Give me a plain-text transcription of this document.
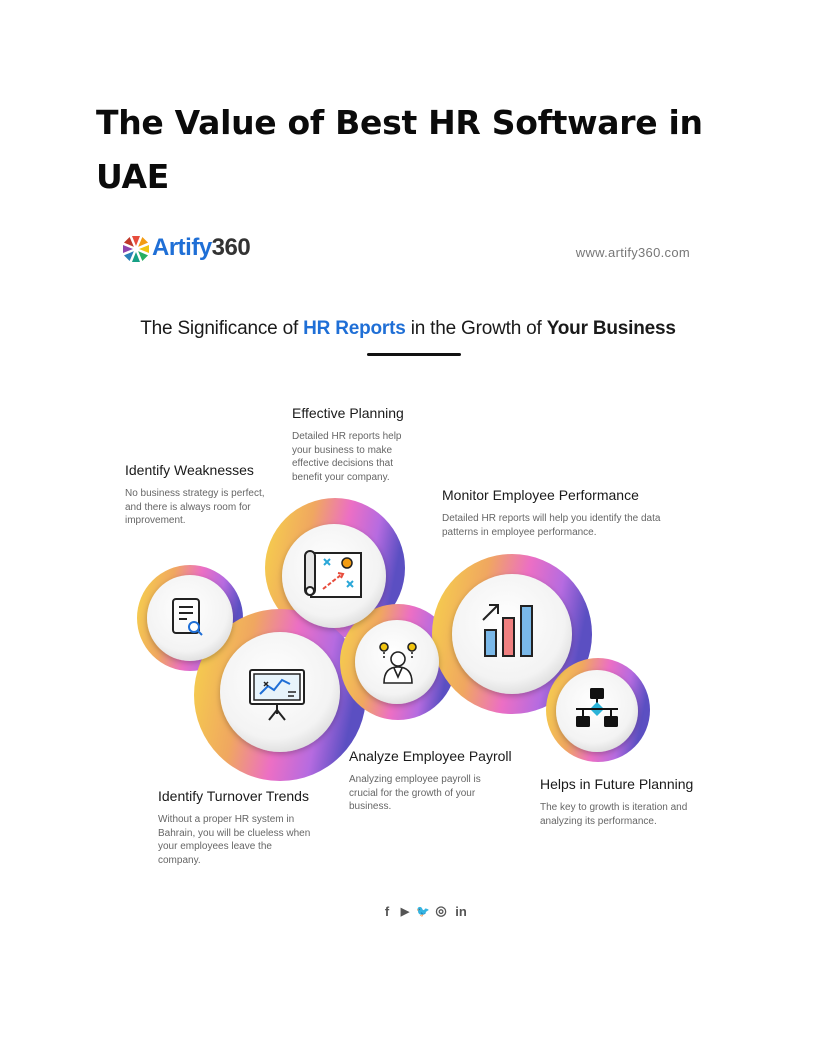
The Value of Best HR Software in UAE
Artify360	www.artify360.com
The Significance of HR Reports in the Growth of Your Business
Effective Planning
Detailed HR reports help your business to make effective decisions that benefit your company.
Identify Weaknesses
No business strategy is perfect, and there is always room for improvement.
Monitor Employee Performance
Detailed HR reports will help you identify the data patterns in employee performance.
Analyze Employee Payroll
Analyzing employee payroll is crucial for the growth of your business.
Helps in Future Planning
The key to growth is iteration and analyzing its performance.
Identify Turnover Trends
Without a proper HR system in Bahrain, you will be clueless when your employees leave the company.
f	▶ 🐦 ◎ in
